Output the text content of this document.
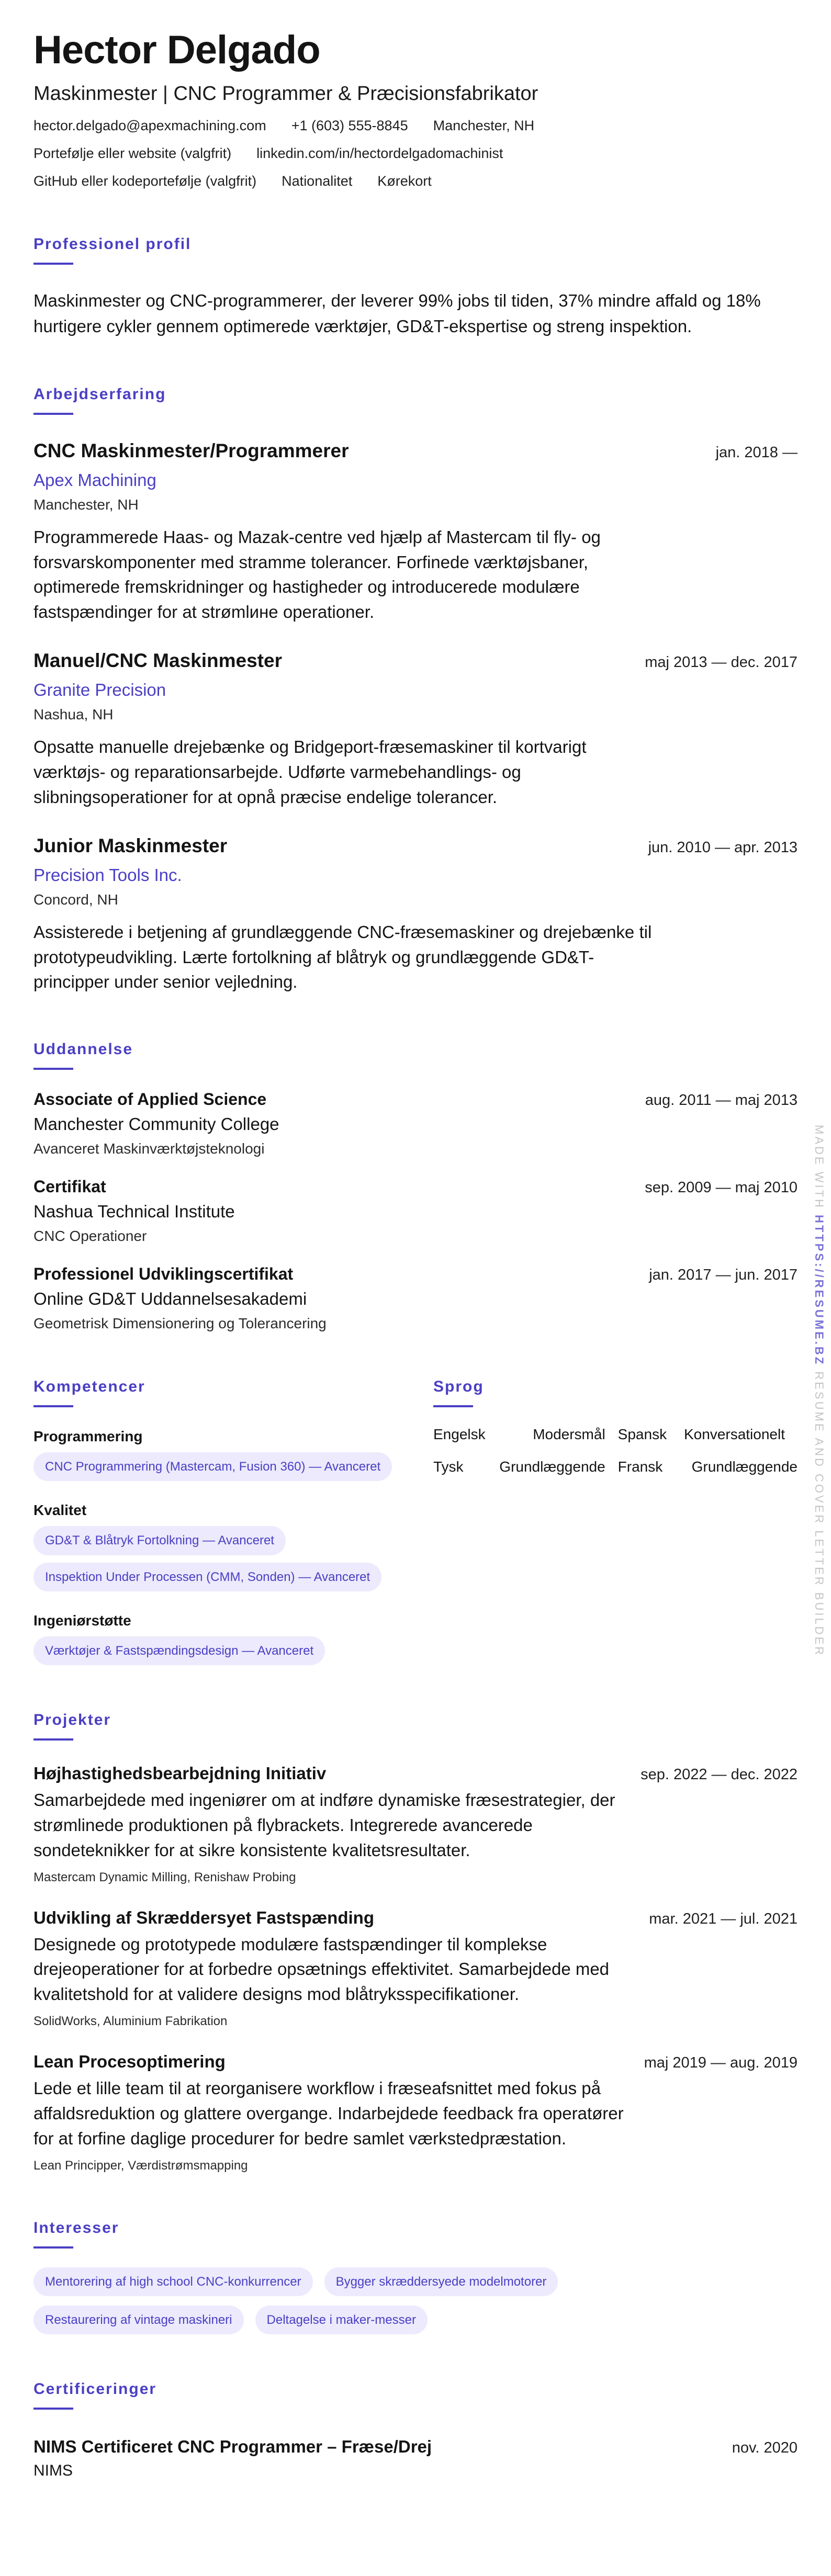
Hector Delgado
Maskinmester | CNC Programmer & Præcisionsfabrikator
hector.delgado@apexmachining.com +1 (603) 555-8845 Manchester, NH
Portefølje eller website (valgfrit) linkedin.com/in/hectordelgadomachinist
GitHub eller kodeportefølje (valgfrit) Nationalitet Kørekort
Professionel profil
Maskinmester og CNC-programmerer, der leverer 99% jobs til tiden, 37% mindre affald og 18% hurtigere cykler gennem optimerede værktøjer, GD&T-ekspertise og streng inspektion.
Arbejdserfaring
CNC Maskinmester/Programmerer	jan. 2018 —
Apex Machining
Manchester, NH
Programmerede Haas- og Mazak-centre ved hjælp af Mastercam til fly- og forsvarskomponenter med stramme tolerancer. Forfinede værktøjsbaner, optimerede fremskridninger og hastigheder og introducerede modulære fastspændinger for at strømlинe operationer.
Manuel/CNC Maskinmester	maj 2013 — dec. 2017
Granite Precision
Nashua, NH
Opsatte manuelle drejebænke og Bridgeport-fræsemaskiner til kortvarigt værktøjs- og reparationsarbejde. Udførte varmebehandlings- og slibningsoperationer for at opnå præcise endelige tolerancer.
Junior Maskinmester	jun. 2010 — apr. 2013
Precision Tools Inc.
Concord, NH
Assisterede i betjening af grundlæggende CNC-fræsemaskiner og drejebænke til prototypeudvikling. Lærte fortolkning af blåtryk og grundlæggende GD&T-principper under senior vejledning.
Uddannelse
Associate of Applied Science	aug. 2011 — maj 2013
Manchester Community College
Avanceret Maskinværktøjsteknologi
Certifikat	sep. 2009 — maj 2010
Nashua Technical Institute
CNC Operationer
Professionel Udviklingscertifikat	jan. 2017 — jun. 2017
Online GD&T Uddannelsesakademi
Geometrisk Dimensionering og Tolerancering
Kompetencer
Programmering
CNC Programmering (Mastercam, Fusion 360) — Avanceret
Kvalitet
GD&T & Blåtryk Fortolkning — Avanceret
Inspektion Under Processen (CMM, Sonden) — Avanceret
Ingeniørstøtte
Værktøjer & Fastspændingsdesign — Avanceret
Sprog
Engelsk	Modersmål Spansk	Konversationelt
Tysk	Grundlæggende Fransk	Grundlæggende
Projekter
Højhastighedsbearbejdning Initiativ	sep. 2022 — dec. 2022
Samarbejdede med ingeniører om at indføre dynamiske fræsestrategier, der strømlinede produktionen på flybrackets. Integrerede avancerede sondeteknikker for at sikre konsistente kvalitetsresultater.
Mastercam Dynamic Milling, Renishaw Probing
Udvikling af Skræddersyet Fastspænding	mar. 2021 — jul. 2021
Designede og prototypede modulære fastspændinger til komplekse drejeoperationer for at forbedre opsætnings effektivitet. Samarbejdede med kvalitetshold for at validere designs mod blåtryksspecifikationer.
SolidWorks, Aluminium Fabrikation
Lean Procesoptimering	maj 2019 — aug. 2019
Lede et lille team til at reorganisere workflow i fræseafsnittet med fokus på affaldsreduktion og glattere overgange. Indarbejdede feedback fra operatører for at forfine daglige procedurer for bedre samlet værkstedpræstation.
Lean Principper, Værdistrømsmapping
Interesser
Mentorering af high school CNC-konkurrencer	Bygger skræddersyede modelmotorer
Restaurering af vintage maskineri	Deltagelse i maker-messer
Certificeringer
NIMS Certificeret CNC Programmer – Fræse/Drej	nov. 2020
NIMS
MADE WITH HTTPS://RESUME.BZ RESUME AND COVER LETTER BUILDER
